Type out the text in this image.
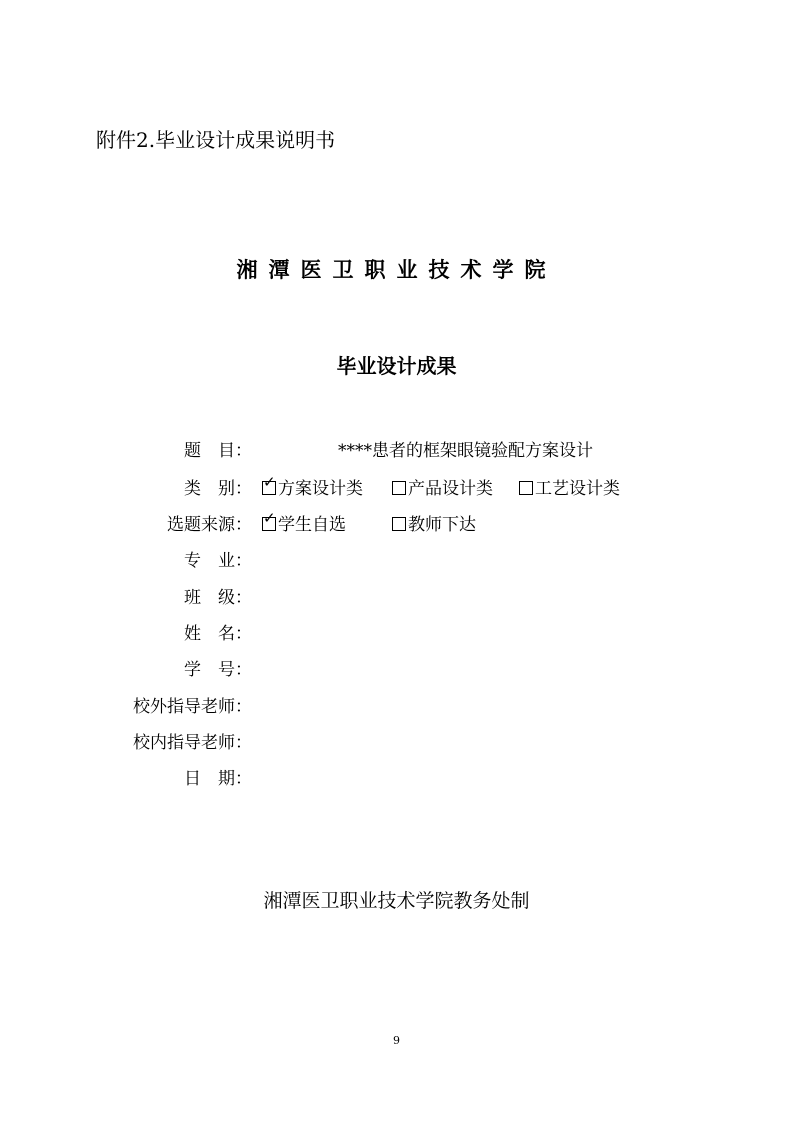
附件2.毕业设计成果说明书
湘潭医卫职业技术学院
毕业设计成果
题　目：	****患者的框架眼镜验配方案设计
类　别： ✓ 方案设计类	产品设计类	工艺设计类
选题来源： ✓ 学生自选	教师下达
专　业：
班　级：
姓　名：
学　号：
校外指导老师：
校内指导老师：
日　期：
湘潭医卫职业技术学院教务处制
9
